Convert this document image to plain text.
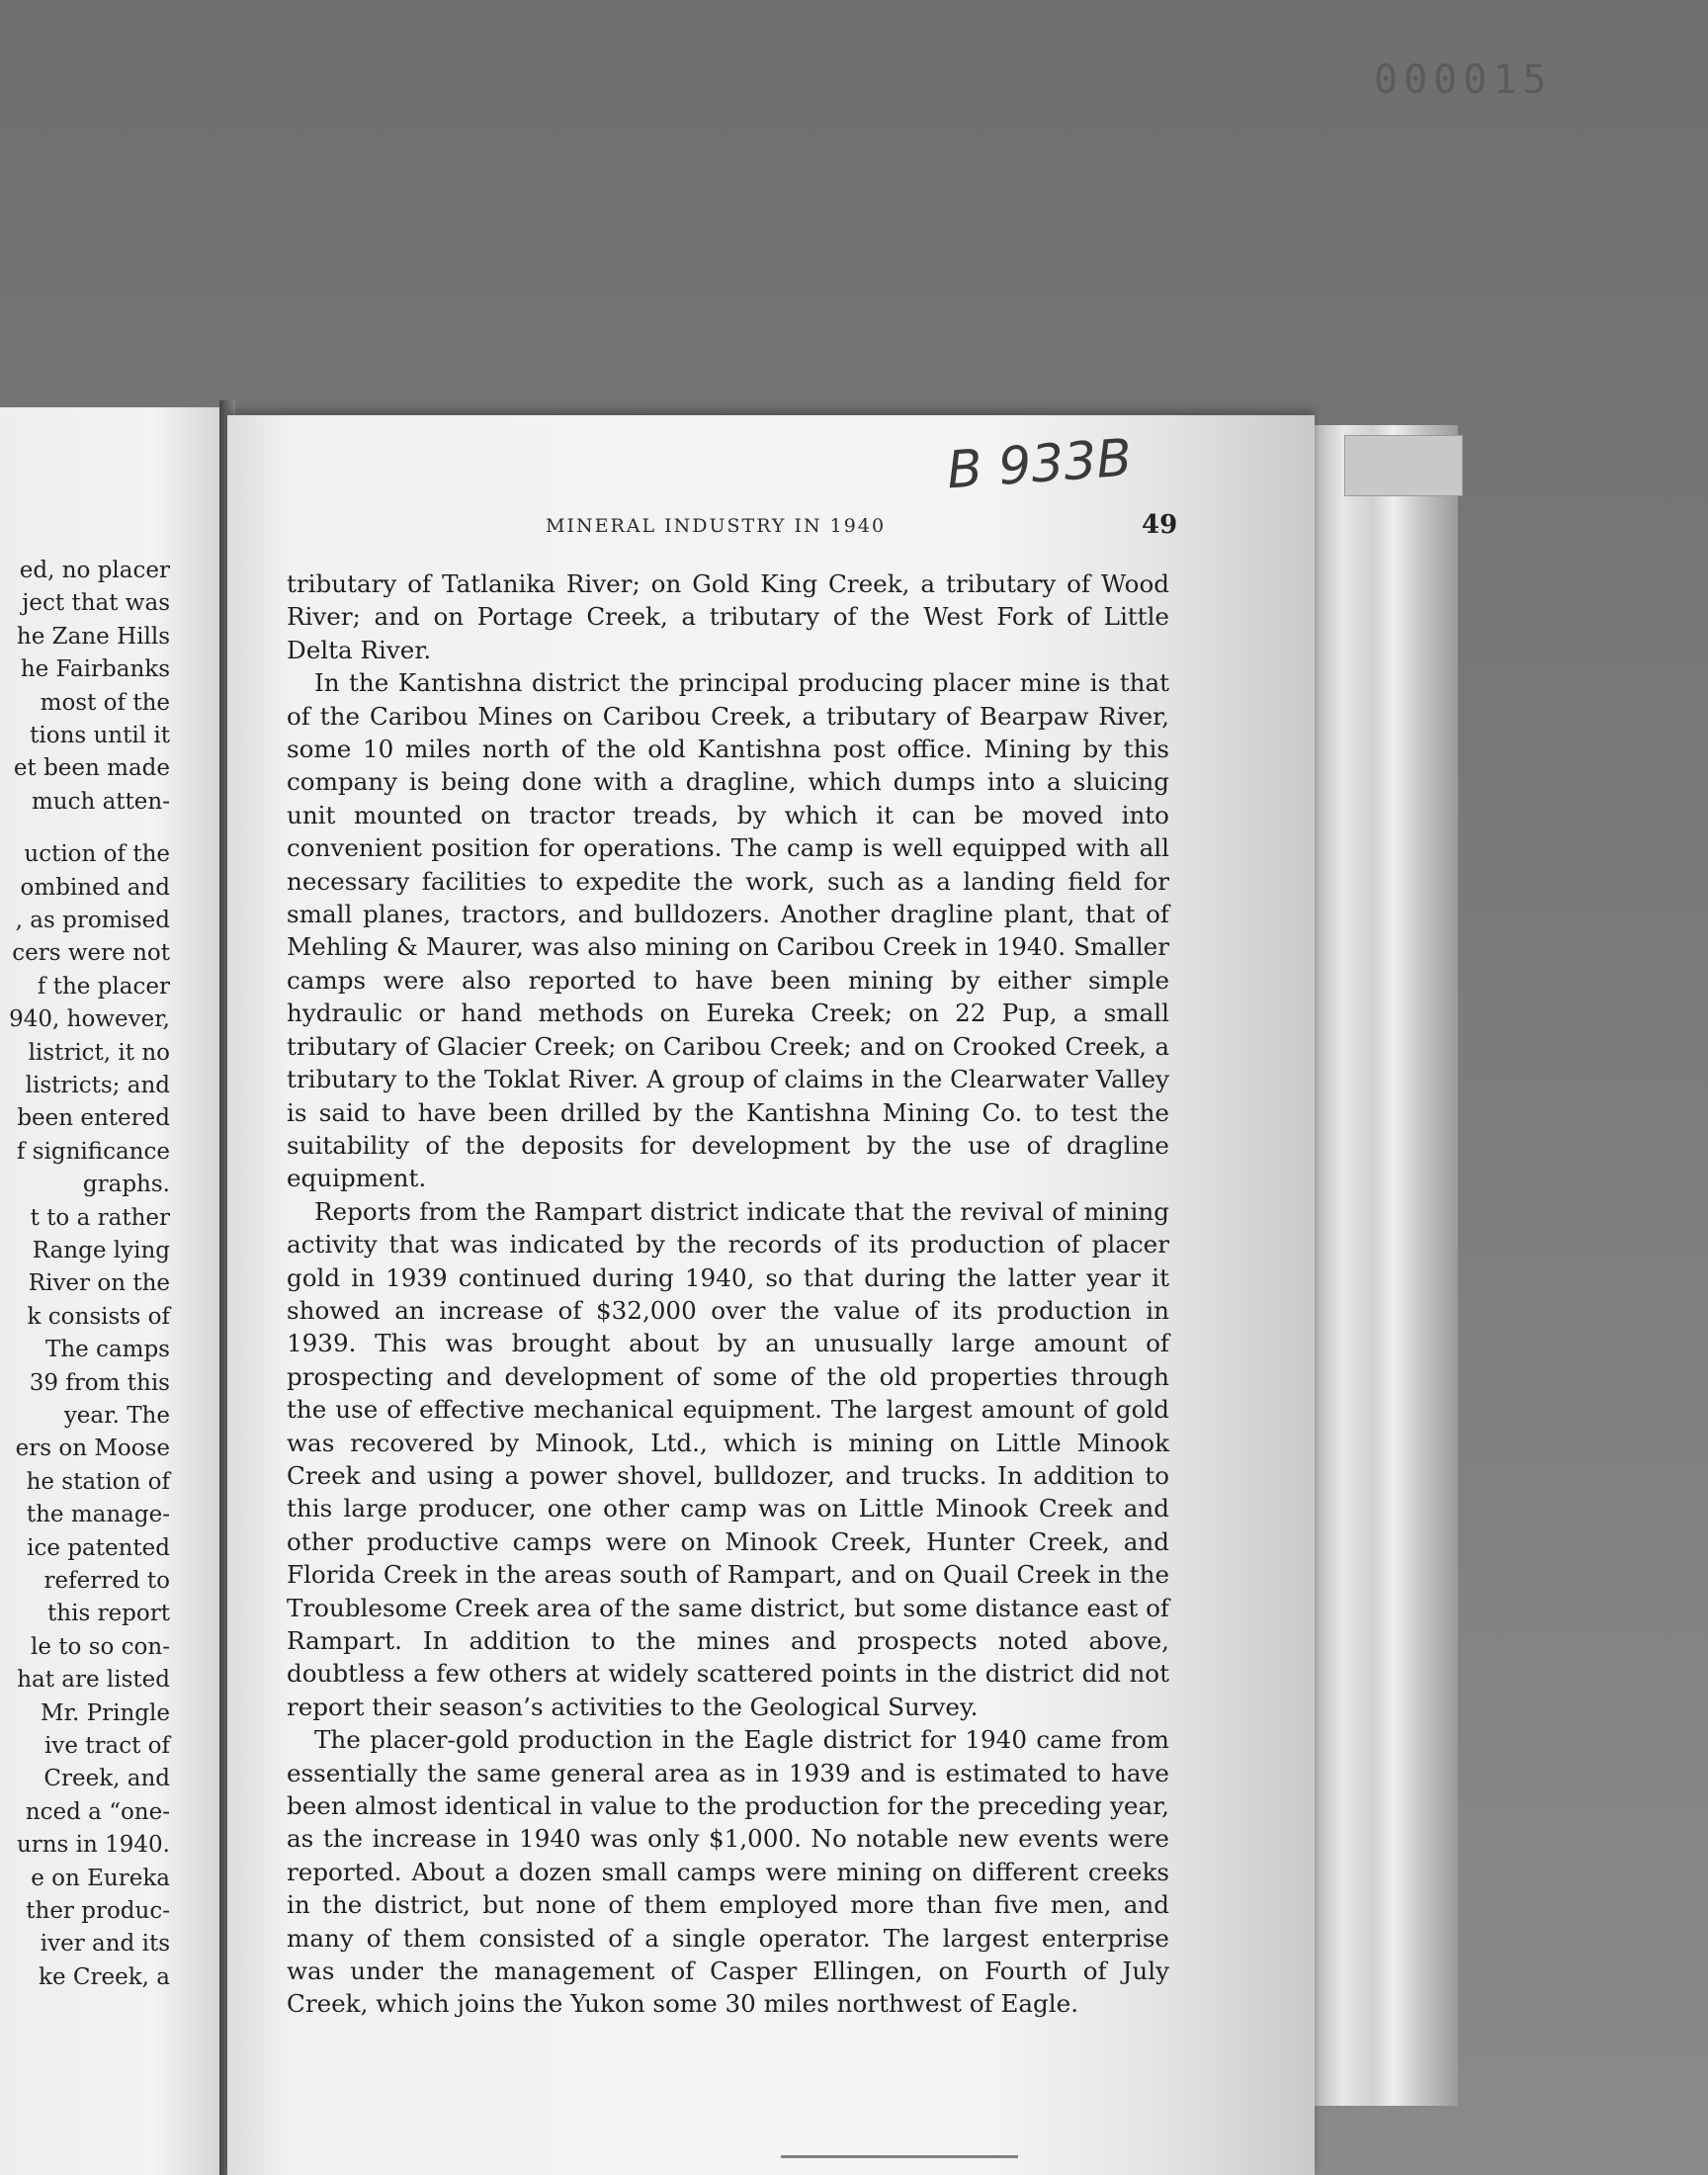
000015
ed, no placer
ject that was
he Zane Hills
he Fairbanks
most of the
tions until it
et been made
much atten-
uction of the
ombined and
, as promised
cers were not
f the placer
940, however,
listrict, it no
listricts; and
been entered
f significance
graphs.
t to a rather
Range lying
River on the
k consists of
The camps
39 from this
year. The
ers on Moose
he station of
the manage-
ice patented
referred to
this report
le to so con-
hat are listed
Mr. Pringle
ive tract of
Creek, and
nced a “one-
urns in 1940.
e on Eureka
ther produc-
iver and its
ke Creek, a
B 933B
MINERAL INDUSTRY IN 1940	49

tributary of Tatlanika River; on Gold King Creek, a tributary of Wood River; and on Portage Creek, a tributary of the West Fork of Little Delta River.

In the Kantishna district the principal producing placer mine is that of the Caribou Mines on Caribou Creek, a tributary of Bearpaw River, some 10 miles north of the old Kantishna post office. Mining by this company is being done with a dragline, which dumps into a sluicing unit mounted on tractor treads, by which it can be moved into convenient position for operations. The camp is well equipped with all necessary facilities to expedite the work, such as a landing field for small planes, tractors, and bulldozers. Another dragline plant, that of Mehling & Maurer, was also mining on Caribou Creek in 1940. Smaller camps were also reported to have been mining by either simple hydraulic or hand methods on Eureka Creek; on 22 Pup, a small tributary of Glacier Creek; on Caribou Creek; and on Crooked Creek, a tributary to the Toklat River. A group of claims in the Clearwater Valley is said to have been drilled by the Kantishna Mining Co. to test the suitability of the deposits for development by the use of dragline equipment.

Reports from the Rampart district indicate that the revival of mining activity that was indicated by the records of its production of placer gold in 1939 continued during 1940, so that during the latter year it showed an increase of $32,000 over the value of its production in 1939. This was brought about by an unusually large amount of prospecting and development of some of the old properties through the use of effective mechanical equipment. The largest amount of gold was recovered by Minook, Ltd., which is mining on Little Minook Creek and using a power shovel, bulldozer, and trucks. In addition to this large producer, one other camp was on Little Minook Creek and other productive camps were on Minook Creek, Hunter Creek, and Florida Creek in the areas south of Rampart, and on Quail Creek in the Troublesome Creek area of the same district, but some distance east of Rampart. In addition to the mines and prospects noted above, doubtless a few others at widely scattered points in the district did not report their season’s activities to the Geological Survey.

The placer-gold production in the Eagle district for 1940 came from essentially the same general area as in 1939 and is estimated to have been almost identical in value to the production for the preceding year, as the increase in 1940 was only $1,000. No notable new events were reported. About a dozen small camps were mining on different creeks in the district, but none of them employed more than five men, and many of them consisted of a single operator. The largest enterprise was under the management of Casper Ellingen, on Fourth of July Creek, which joins the Yukon some 30 miles northwest of Eagle.
